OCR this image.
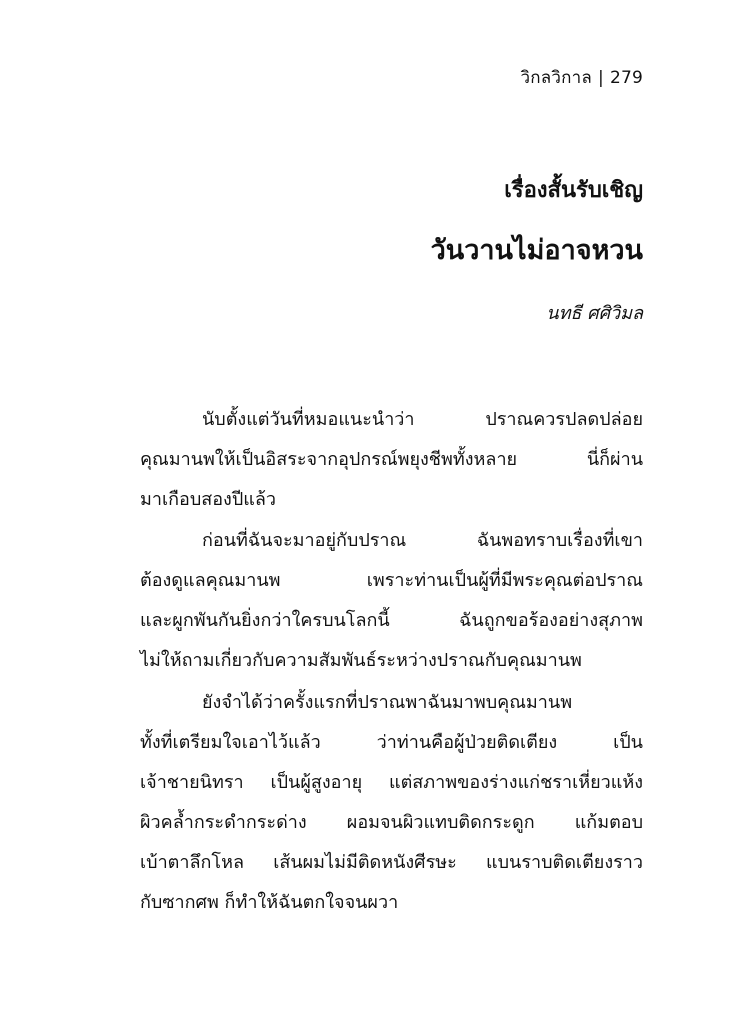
วิกลวิกาล | 279
เรื่องสั้นรับเชิญ
วันวานไม่อาจหวน
นทธี ศศิวิมล
นับตั้งแต่วันที่หมอแนะนำว่า ปราณควรปลดปล่อย
คุณมานพให้เป็นอิสระจากอุปกรณ์พยุงชีพทั้งหลาย นี่ก็ผ่าน
มาเกือบสองปีแล้ว
ก่อนที่ฉันจะมาอยู่กับปราณ ฉันพอทราบเรื่องที่เขา
ต้องดูแลคุณมานพ เพราะท่านเป็นผู้ที่มีพระคุณต่อปราณ
และผูกพันกันยิ่งกว่าใครบนโลกนี้ ฉันถูกขอร้องอย่างสุภาพ
ไม่ให้ถามเกี่ยวกับความสัมพันธ์ระหว่างปราณกับคุณมานพ
ยังจำได้ว่าครั้งแรกที่ปราณพาฉันมาพบคุณมานพ
ทั้งที่เตรียมใจเอาไว้แล้ว ว่าท่านคือผู้ป่วยติดเตียง เป็น
เจ้าชายนิทรา เป็นผู้สูงอายุ แต่สภาพของร่างแก่ชราเหี่ยวแห้ง
ผิวคล้ำกระดำกระด่าง ผอมจนผิวแทบติดกระดูก แก้มตอบ
เบ้าตาลึกโหล เส้นผมไม่มีติดหนังศีรษะ แบนราบติดเตียงราว
กับซากศพ ก็ทำให้ฉันตกใจจนผวา
